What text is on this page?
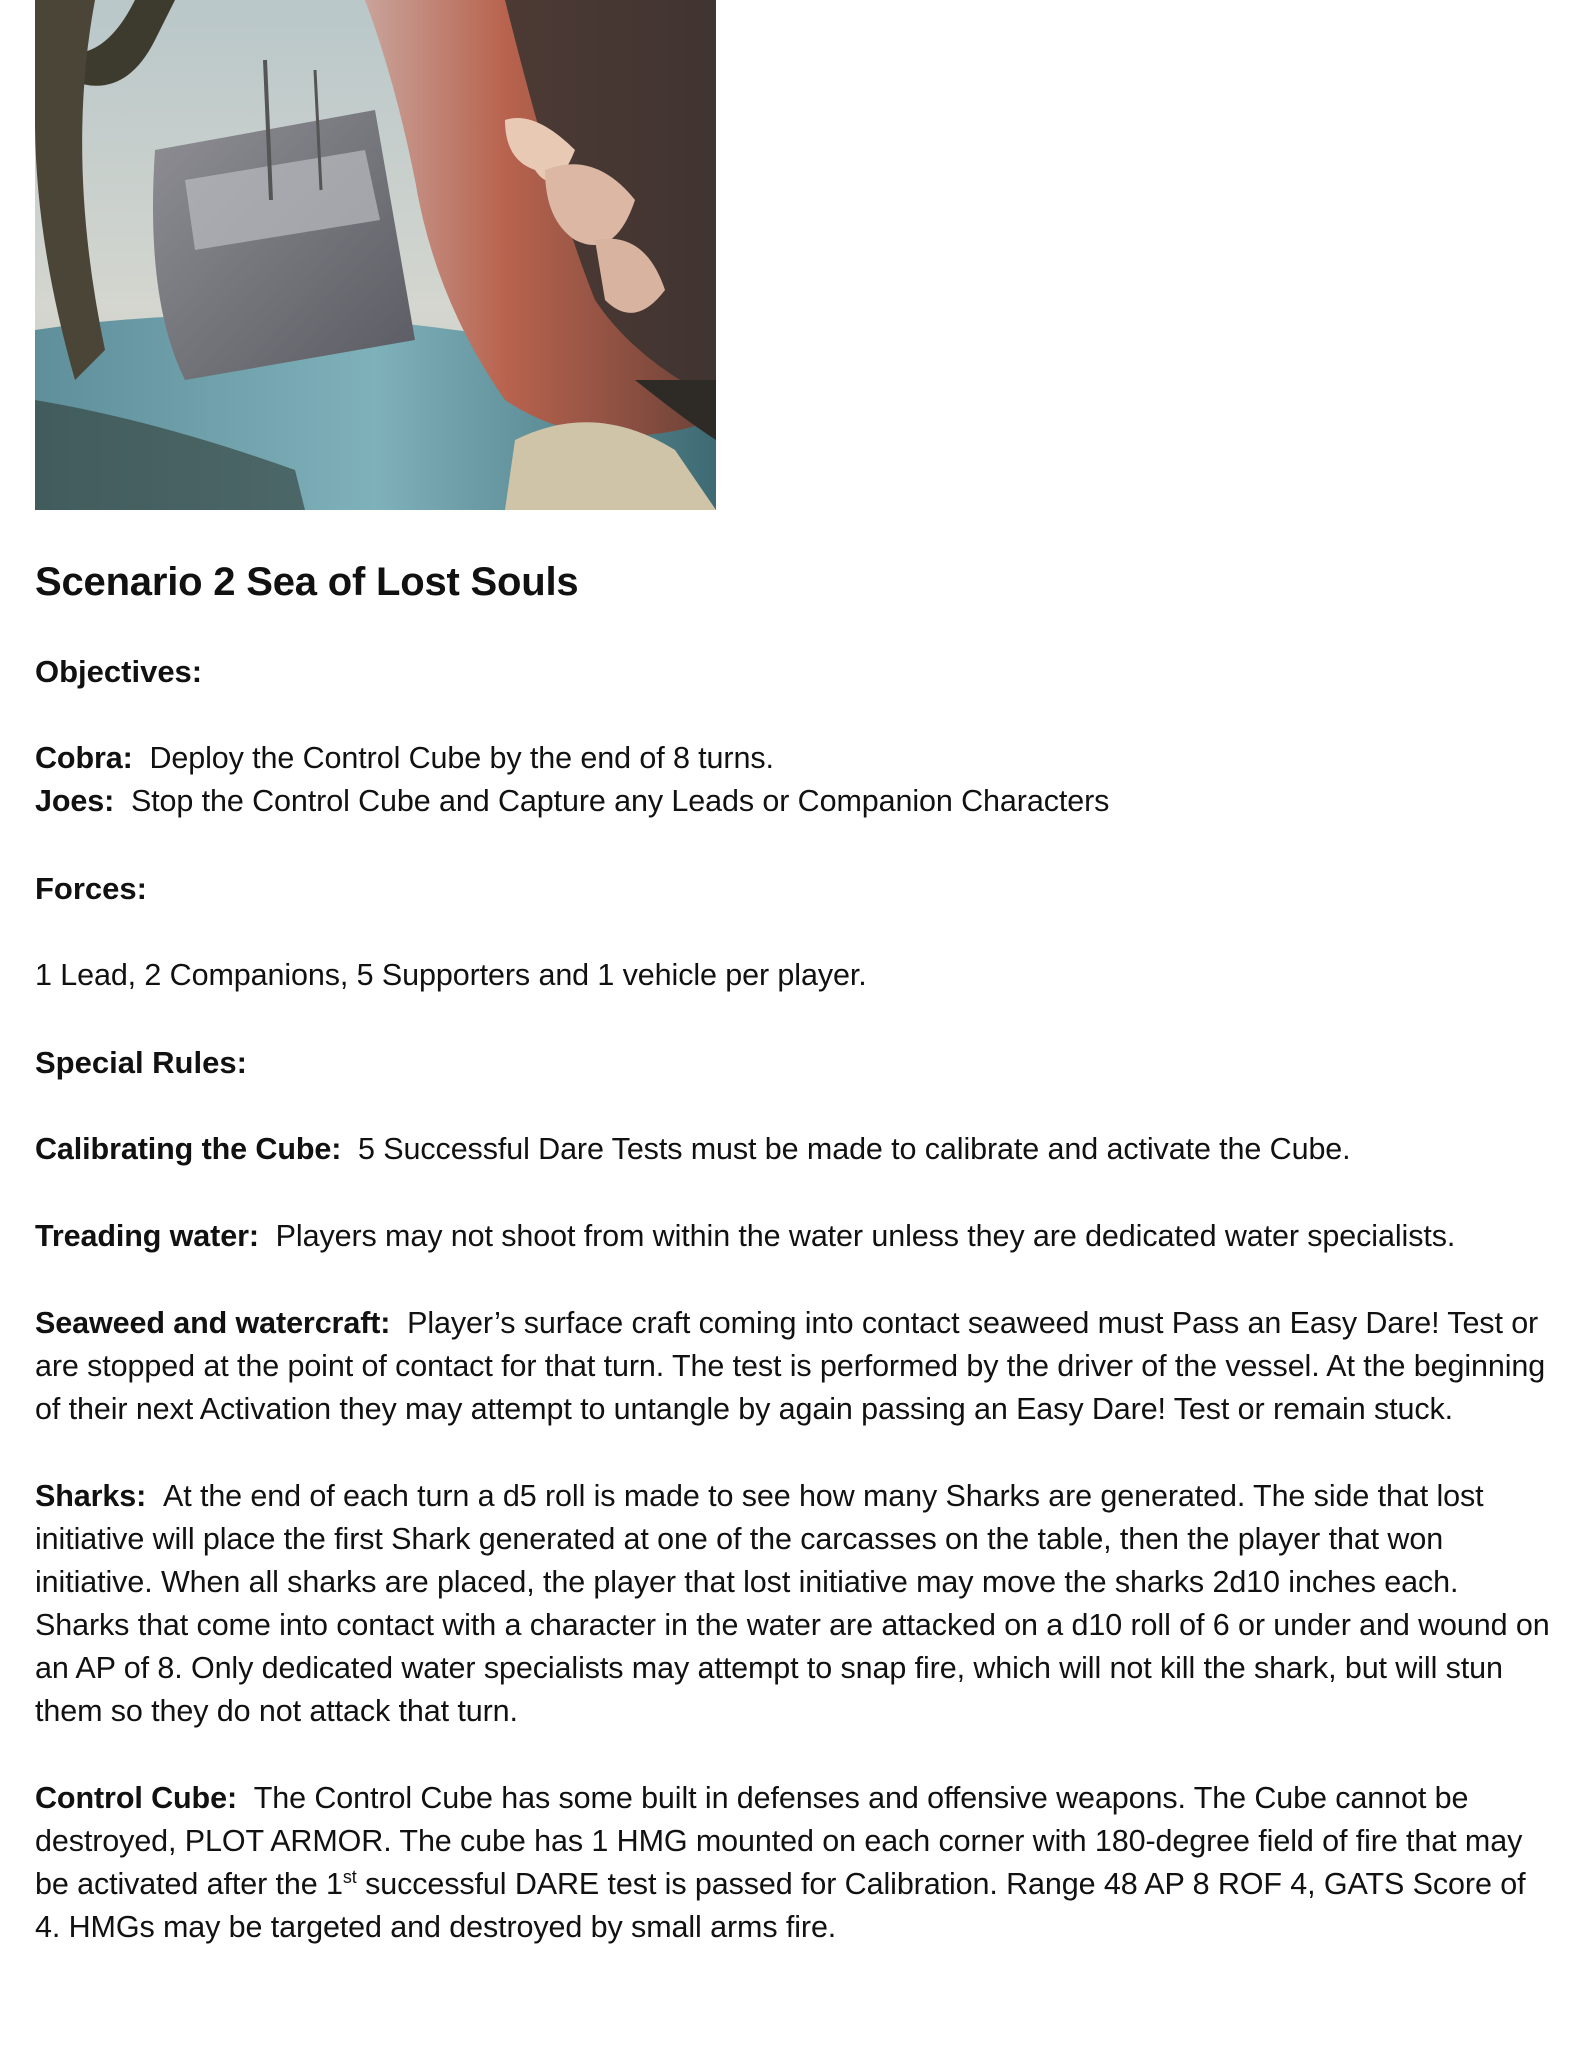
Scenario 2 Sea of Lost Souls

Objectives:

Cobra: Deploy the Control Cube by the end of 8 turns.

Joes: Stop the Control Cube and Capture any Leads or Companion Characters

Forces:

1 Lead, 2 Companions, 5 Supporters and 1 vehicle per player.

Special Rules:

Calibrating the Cube: 5 Successful Dare Tests must be made to calibrate and activate the Cube.

Treading water: Players may not shoot from within the water unless they are dedicated water specialists.

Seaweed and watercraft: Player’s surface craft coming into contact seaweed must Pass an Easy Dare! Test or are stopped at the point of contact for that turn. The test is performed by the driver of the vessel. At the beginning of their next Activation they may attempt to untangle by again passing an Easy Dare! Test or remain stuck.

Sharks: At the end of each turn a d5 roll is made to see how many Sharks are generated. The side that lost initiative will place the first Shark generated at one of the carcasses on the table, then the player that won initiative. When all sharks are placed, the player that lost initiative may move the sharks 2d10 inches each. Sharks that come into contact with a character in the water are attacked on a d10 roll of 6 or under and wound on an AP of 8. Only dedicated water specialists may attempt to snap fire, which will not kill the shark, but will stun them so they do not attack that turn.

Control Cube: The Control Cube has some built in defenses and offensive weapons. The Cube cannot be destroyed, PLOT ARMOR. The cube has 1 HMG mounted on each corner with 180-degree field of fire that may be activated after the 1st successful DARE test is passed for Calibration. Range 48 AP 8 ROF 4, GATS Score of 4. HMGs may be targeted and destroyed by small arms fire.
